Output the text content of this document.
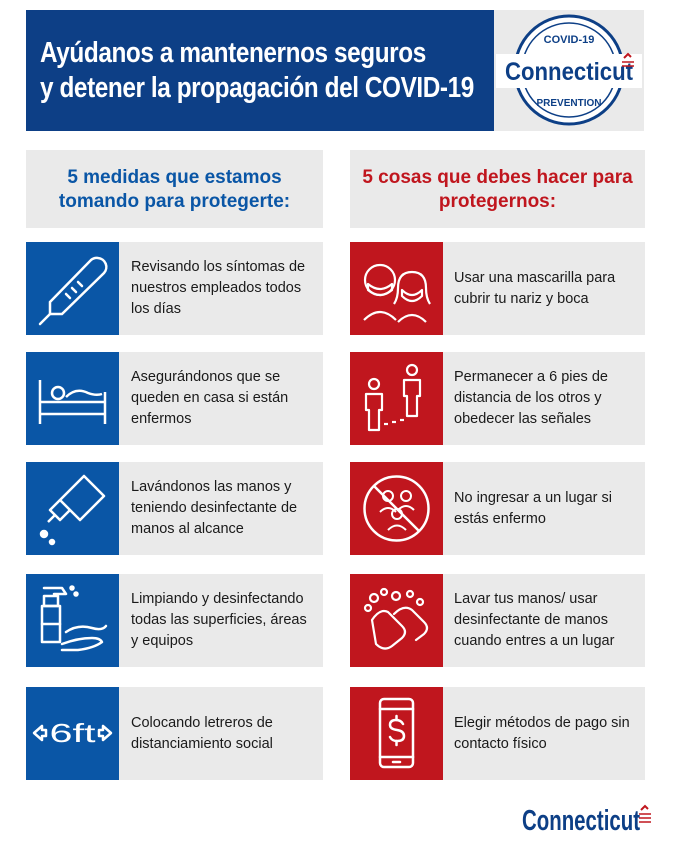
Ayúdanos a mantenernos seguros
y detener la propagación del COVID-19
COVID-19
Connecticut
PREVENTION
5 medidas que estamos tomando para protegerte:
5 cosas que debes hacer para protegernos:
Revisando los síntomas de nuestros empleados todos los días
Asegurándonos que se queden en casa si están enfermos
Lavándonos las manos y teniendo desinfectante de manos al alcance
Limpiando y desinfectando todas las superficies, áreas y equipos
6ft Colocando letreros de distanciamiento social
Usar una mascarilla para cubrir tu nariz y boca
Permanecer a 6 pies de distancia de los otros y obedecer las señales
No ingresar a un lugar si estás enfermo
Lavar tus manos/ usar desinfectante de manos cuando entres a un lugar
Elegir métodos de pago sin contacto físico
Connecticut
